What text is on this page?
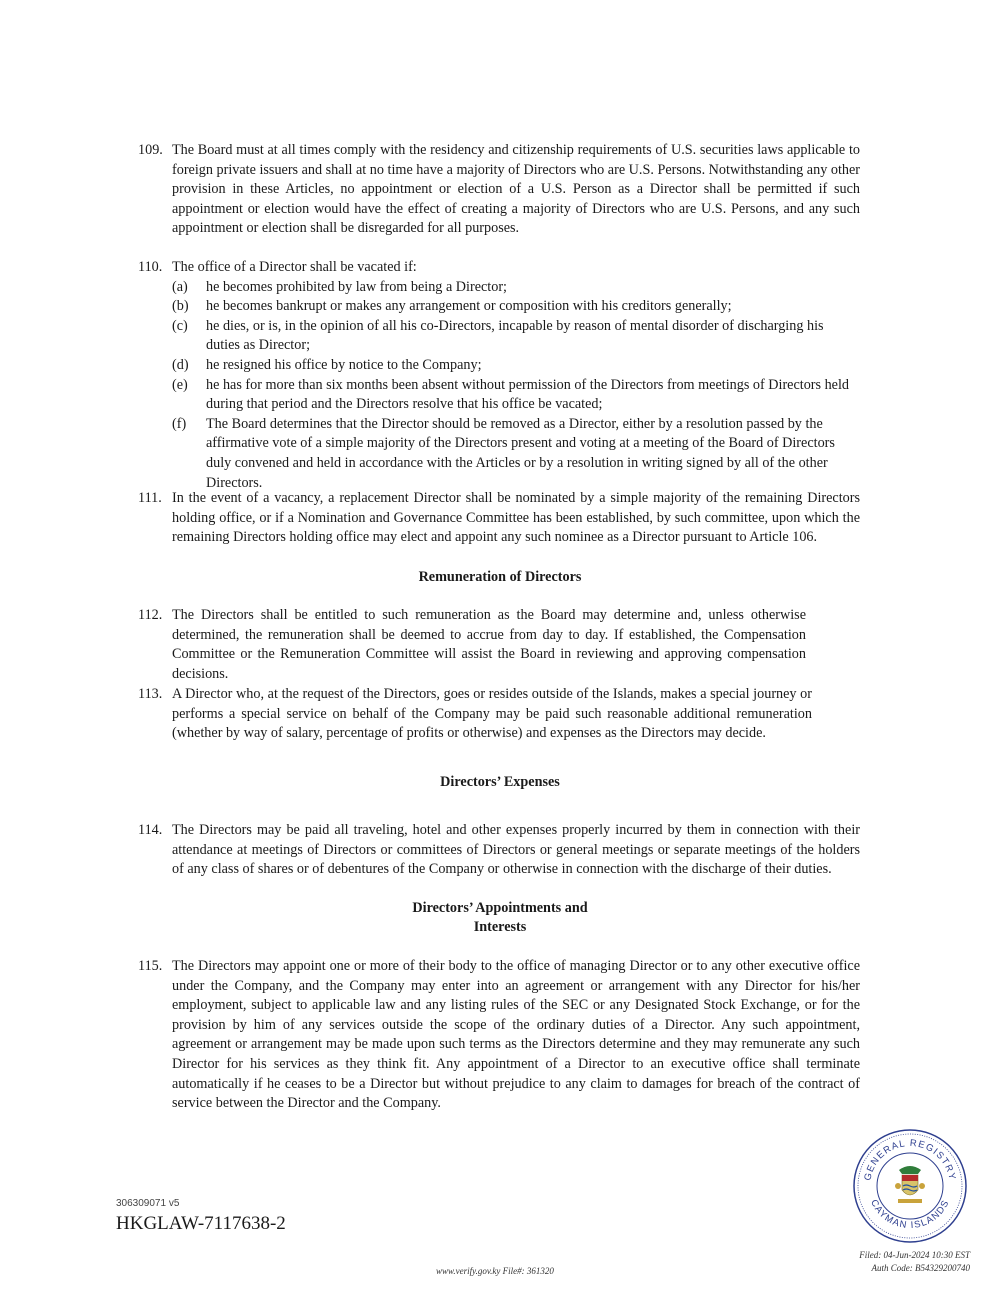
109. The Board must at all times comply with the residency and citizenship requirements of U.S. securities laws applicable to foreign private issuers and shall at no time have a majority of Directors who are U.S. Persons. Notwithstanding any other provision in these Articles, no appointment or election of a U.S. Person as a Director shall be permitted if such appointment or election would have the effect of creating a majority of Directors who are U.S. Persons, and any such appointment or election shall be disregarded for all purposes.
110. The office of a Director shall be vacated if:
(a)	he becomes prohibited by law from being a Director;
(b)	he becomes bankrupt or makes any arrangement or composition with his creditors generally;
(c)	he dies, or is, in the opinion of all his co-Directors, incapable by reason of mental disorder of discharging his duties as Director;
(d)	he resigned his office by notice to the Company;
(e)	he has for more than six months been absent without permission of the Directors from meetings of Directors held during that period and the Directors resolve that his office be vacated;
(f)	The Board determines that the Director should be removed as a Director, either by a resolution passed by the affirmative vote of a simple majority of the Directors present and voting at a meeting of the Board of Directors duly convened and held in accordance with the Articles or by a resolution in writing signed by all of the other Directors.
111. In the event of a vacancy, a replacement Director shall be nominated by a simple majority of the remaining Directors holding office, or if a Nomination and Governance Committee has been established, by such committee, upon which the remaining Directors holding office may elect and appoint any such nominee as a Director pursuant to Article 106.
Remuneration of Directors
112. The Directors shall be entitled to such remuneration as the Board may determine and, unless otherwise determined, the remuneration shall be deemed to accrue from day to day. If established, the Compensation Committee or the Remuneration Committee will assist the Board in reviewing and approving compensation decisions.
113. A Director who, at the request of the Directors, goes or resides outside of the Islands, makes a special journey or performs a special service on behalf of the Company may be paid such reasonable additional remuneration (whether by way of salary, percentage of profits or otherwise) and expenses as the Directors may decide.
Directors’ Expenses
114. The Directors may be paid all traveling, hotel and other expenses properly incurred by them in connection with their attendance at meetings of Directors or committees of Directors or general meetings or separate meetings of the holders of any class of shares or of debentures of the Company or otherwise in connection with the discharge of their duties.
Directors’ Appointments and
Interests
115. The Directors may appoint one or more of their body to the office of managing Director or to any other executive office under the Company, and the Company may enter into an agreement or arrangement with any Director for his/her employment, subject to applicable law and any listing rules of the SEC or any Designated Stock Exchange, or for the provision by him of any services outside the scope of the ordinary duties of a Director. Any such appointment, agreement or arrangement may be made upon such terms as the Directors determine and they may remunerate any such Director for his services as they think fit. Any appointment of a Director to an executive office shall terminate automatically if he ceases to be a Director but without prejudice to any claim to damages for breach of the contract of service between the Director and the Company.
306309071 v5
HKGLAW-7117638-2
www.verify.gov.ky File#: 361320
Filed: 04-Jun-2024 10:30 EST
Auth Code: B54329200740
GENERAL REGISTRY
CAYMAN ISLANDS
